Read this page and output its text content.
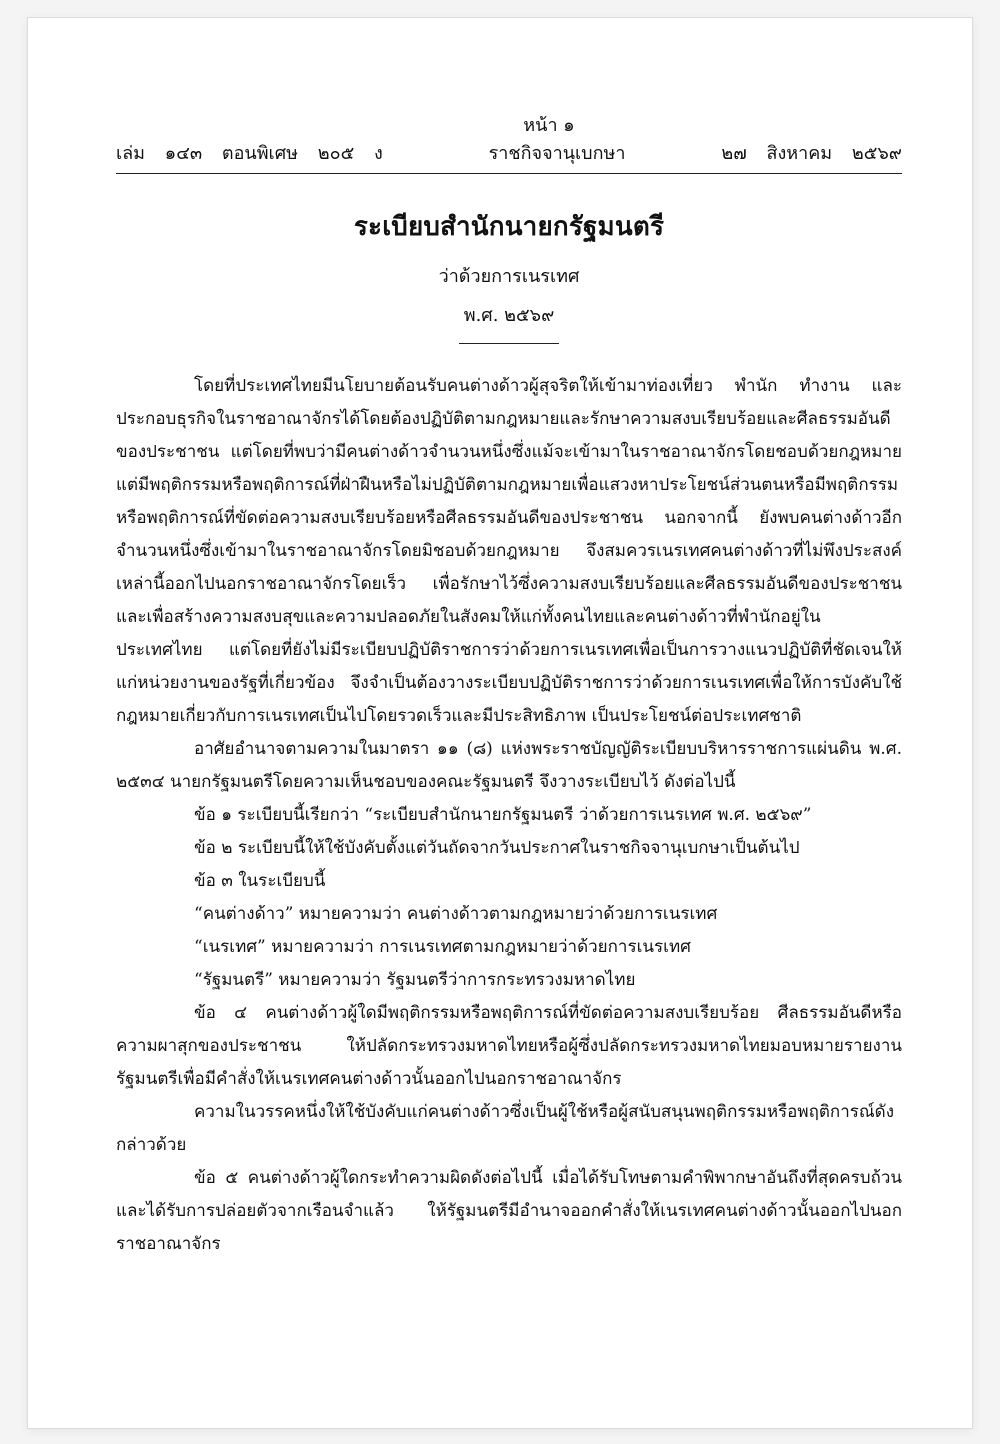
หน้า ๑
เล่ม ๑๔๓ ตอนพิเศษ ๒๐๕ ง	ราชกิจจานุเบกษา	๒๗ สิงหาคม ๒๕๖๙
ระเบียบสำนักนายกรัฐมนตรี
ว่าด้วยการเนรเทศ
พ.ศ. ๒๕๖๙

โดยที่ประเทศไทยมีนโยบายต้อนรับคนต่างด้าวผู้สุจริตให้เข้ามาท่องเที่ยว พำนัก ทำงาน และประกอบธุรกิจในราชอาณาจักรได้โดยต้องปฏิบัติตามกฎหมายและรักษาความสงบเรียบร้อยและศีลธรรมอันดีของประชาชน แต่โดยที่พบว่ามีคนต่างด้าวจำนวนหนึ่งซึ่งแม้จะเข้ามาในราชอาณาจักรโดยชอบด้วยกฎหมาย แต่มีพฤติกรรมหรือพฤติการณ์ที่ฝ่าฝืนหรือไม่ปฏิบัติตามกฎหมายเพื่อแสวงหาประโยชน์ส่วนตนหรือมีพฤติกรรมหรือพฤติการณ์ที่ขัดต่อความสงบเรียบร้อยหรือศีลธรรมอันดีของประชาชน นอกจากนี้ ยังพบคนต่างด้าวอีกจำนวนหนึ่งซึ่งเข้ามาในราชอาณาจักรโดยมิชอบด้วยกฎหมาย จึงสมควรเนรเทศคนต่างด้าวที่ไม่พึงประสงค์เหล่านี้ออกไปนอกราชอาณาจักรโดยเร็ว เพื่อรักษาไว้ซึ่งความสงบเรียบร้อยและศีลธรรมอันดีของประชาชน และเพื่อสร้างความสงบสุขและความปลอดภัยในสังคมให้แก่ทั้งคนไทยและคนต่างด้าวที่พำนักอยู่ในประเทศไทย แต่โดยที่ยังไม่มีระเบียบปฏิบัติราชการว่าด้วยการเนรเทศเพื่อเป็นการวางแนวปฏิบัติที่ชัดเจนให้แก่หน่วยงานของรัฐที่เกี่ยวข้อง จึงจำเป็นต้องวางระเบียบปฏิบัติราชการว่าด้วยการเนรเทศเพื่อให้การบังคับใช้กฎหมายเกี่ยวกับการเนรเทศเป็นไปโดยรวดเร็วและมีประสิทธิภาพ เป็นประโยชน์ต่อประเทศชาติ

อาศัยอำนาจตามความในมาตรา ๑๑ (๘) แห่งพระราชบัญญัติระเบียบบริหารราชการแผ่นดิน พ.ศ. ๒๕๓๔ นายกรัฐมนตรีโดยความเห็นชอบของคณะรัฐมนตรี จึงวางระเบียบไว้ ดังต่อไปนี้

ข้อ ๑ ระเบียบนี้เรียกว่า “ระเบียบสำนักนายกรัฐมนตรี ว่าด้วยการเนรเทศ พ.ศ. ๒๕๖๙”

ข้อ ๒ ระเบียบนี้ให้ใช้บังคับตั้งแต่วันถัดจากวันประกาศในราชกิจจานุเบกษาเป็นต้นไป

ข้อ ๓ ในระเบียบนี้

“คนต่างด้าว” หมายความว่า คนต่างด้าวตามกฎหมายว่าด้วยการเนรเทศ

“เนรเทศ” หมายความว่า การเนรเทศตามกฎหมายว่าด้วยการเนรเทศ

“รัฐมนตรี” หมายความว่า รัฐมนตรีว่าการกระทรวงมหาดไทย

ข้อ ๔ คนต่างด้าวผู้ใดมีพฤติกรรมหรือพฤติการณ์ที่ขัดต่อความสงบเรียบร้อย ศีลธรรมอันดีหรือความผาสุกของประชาชน ให้ปลัดกระทรวงมหาดไทยหรือผู้ซึ่งปลัดกระทรวงมหาดไทยมอบหมายรายงานรัฐมนตรีเพื่อมีคำสั่งให้เนรเทศคนต่างด้าวนั้นออกไปนอกราชอาณาจักร

ความในวรรคหนึ่งให้ใช้บังคับแก่คนต่างด้าวซึ่งเป็นผู้ใช้หรือผู้สนับสนุนพฤติกรรมหรือพฤติการณ์ดังกล่าวด้วย

ข้อ ๕ คนต่างด้าวผู้ใดกระทำความผิดดังต่อไปนี้ เมื่อได้รับโทษตามคำพิพากษาอันถึงที่สุดครบถ้วนและได้รับการปล่อยตัวจากเรือนจำแล้ว ให้รัฐมนตรีมีอำนาจออกคำสั่งให้เนรเทศคนต่างด้าวนั้นออกไปนอกราชอาณาจักร
